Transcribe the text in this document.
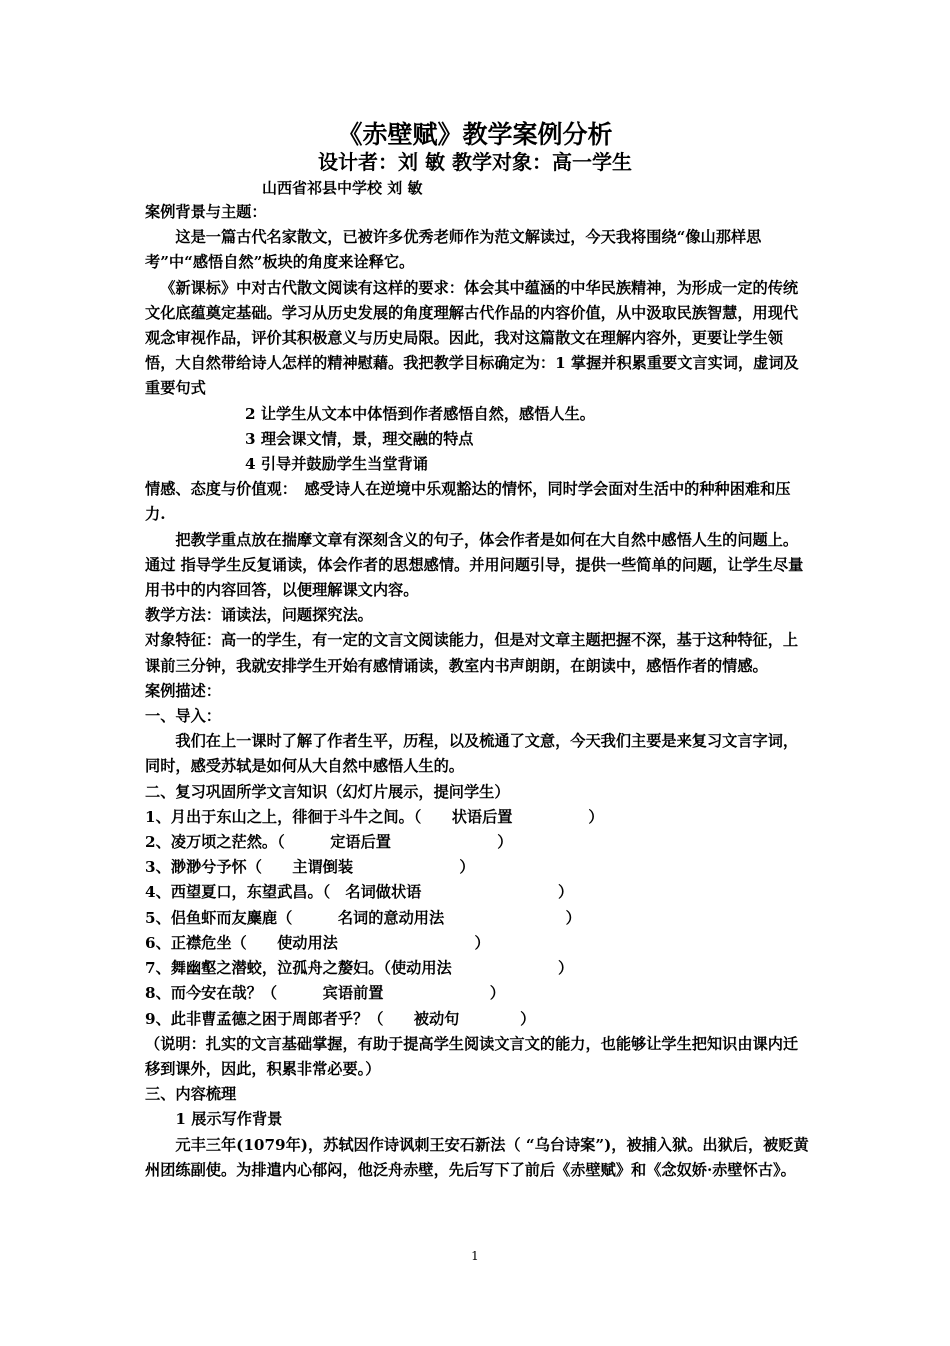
《赤壁赋》教学案例分析
设计者：刘 敏 教学对象：高一学生
山西省祁县中学校 刘 敏

案例背景与主题：

这是一篇古代名家散文，已被许多优秀老师作为范文解读过，今天我将围绕“像山那样思考”中“感悟自然”板块的角度来诠释它。

《新课标》中对古代散文阅读有这样的要求：体会其中蕴涵的中华民族精神，为形成一定的传统文化底蕴奠定基础。学习从历史发展的角度理解古代作品的内容价值，从中汲取民族智慧，用现代观念审视作品，评价其积极意义与历史局限。因此，我对这篇散文在理解内容外，更要让学生领悟，大自然带给诗人怎样的精神慰藉。我把教学目标确定为：1 掌握并积累重要文言实词，虚词及重要句式

2 让学生从文本中体悟到作者感悟自然，感悟人生。

3 理会课文情，景，理交融的特点

4 引导并鼓励学生当堂背诵

情感、态度与价值观：　感受诗人在逆境中乐观豁达的情怀，同时学会面对生活中的种种困难和压力.

把教学重点放在揣摩文章有深刻含义的句子，体会作者是如何在大自然中感悟人生的问题上。通过 指导学生反复诵读，体会作者的思想感情。并用问题引导，提供一些简单的问题，让学生尽量用书中的内容回答，以便理解课文内容。

教学方法：诵读法，问题探究法。

对象特征：高一的学生，有一定的文言文阅读能力，但是对文章主题把握不深，基于这种特征，上课前三分钟，我就安排学生开始有感情诵读，教室内书声朗朗，在朗读中，感悟作者的情感。

案例描述：

一、导入：

我们在上一课时了解了作者生平，历程，以及梳通了文意，今天我们主要是来复习文言字词，同时，感受苏轼是如何从大自然中感悟人生的。

二、复习巩固所学文言知识（幻灯片展示，提问学生）

1、月出于东山之上，徘徊于斗牛之间。（　　状语后置　　　　　）

2、凌万顷之茫然。（　　　定语后置　　　　　　　）

3、渺渺兮予怀（　　主谓倒装　　　　　　　）

4、西望夏口，东望武昌。（　名词做状语　　　　　　　　　）

5、侣鱼虾而友麋鹿（　　　名词的意动用法　　　　　　　　）

6、正襟危坐（　　使动用法　　　　　　　　　）

7、舞幽壑之潜蛟，泣孤舟之嫠妇。（使动用法　　　　　　　）

8、而今安在哉？（　　　宾语前置　　　　　　　）

9、此非曹孟德之困于周郎者乎？（　　被动句　　　　）

（说明：扎实的文言基础掌握，有助于提高学生阅读文言文的能力，也能够让学生把知识由课内迁移到课外，因此，积累非常必要。）

三、内容梳理

1 展示写作背景

元丰三年(1079年)，苏轼因作诗讽刺王安石新法（ “乌台诗案”)，被捕入狱。出狱后，被贬黄州团练副使。为排遣内心郁闷，他泛舟赤壁，先后写下了前后《赤壁赋》和《念奴娇·赤壁怀古》。

1
